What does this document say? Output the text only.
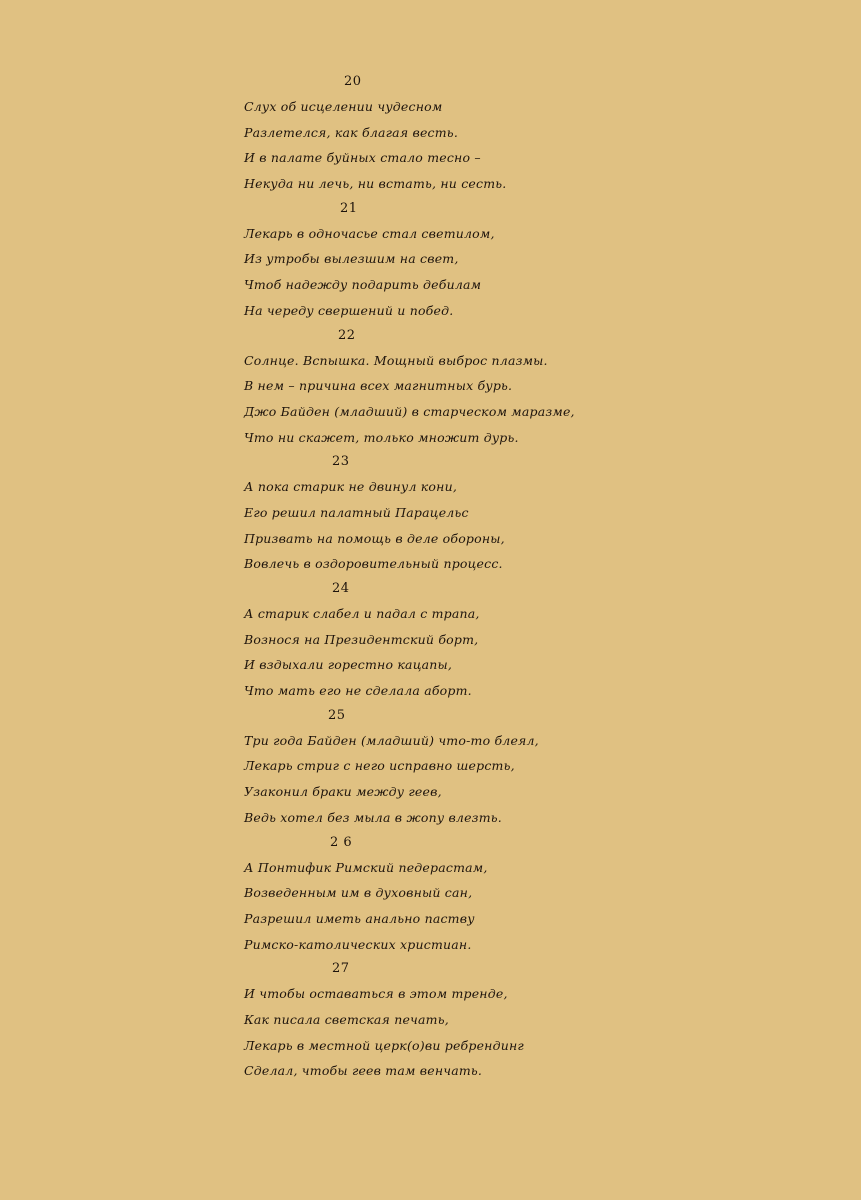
20
Слух об исцелении чудесном
Разлетелся, как благая весть.
И в палате буйных стало тесно –
Некуда ни лечь, ни встать, ни сесть.
21
Лекарь в одночасье стал светилом,
Из утробы вылезшим на свет,
Чтоб надежду подарить дебилам
На череду свершений и побед.
22
Солнце. Вспышка. Мощный выброс плазмы.
В нем – причина всех магнитных бурь.
Джо Байден (младший) в старческом маразме,
Что ни скажет, только множит дурь.
23
А пока старик не двинул кони,
Его решил палатный Парацельс
Призвать на помощь в деле обороны,
Вовлечь в оздоровительный процесс.
24
А старик слабел и падал с трапа,
Вознося на Президентский борт,
И вздыхали горестно кацапы,
Что мать его не сделала аборт.
25
Три года Байден (младший) что-то блеял,
Лекарь стриг с него исправно шерсть,
Узаконил браки между геев,
Ведь хотел без мыла в жопу влезть.
2 6
А Понтифик Римский педерастам,
Возведенным им в духовный сан,
Разрешил иметь анально паству
Римско-католических христиан.
27
И чтобы оставаться в этом тренде,
Как писала светская печать,
Лекарь в местной церк(о)ви ребрендинг
Сделал, чтобы геев там венчать.
